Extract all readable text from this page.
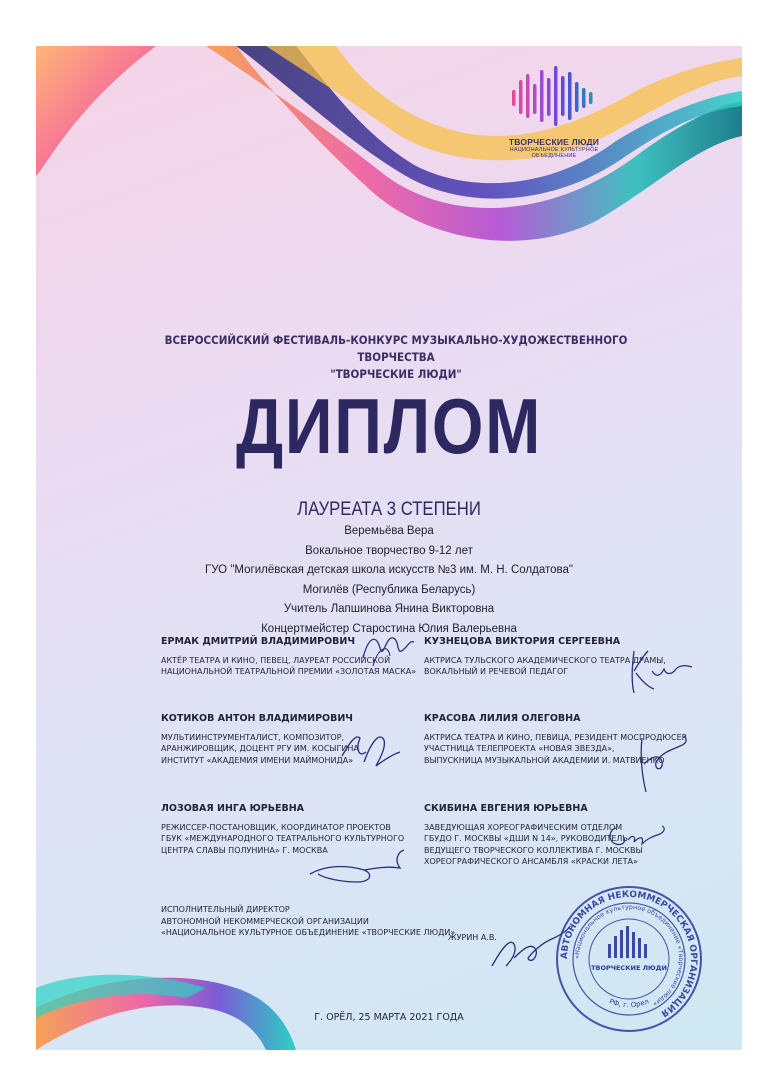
ТВОРЧЕСКИЕ ЛЮДИ
НАЦИОНАЛЬНОЕ КУЛЬТУРНОЕ ОБЪЕДИНЕНИЕ
ВСЕРОССИЙСКИЙ ФЕСТИВАЛЬ-КОНКУРС МУЗЫКАЛЬНО-ХУДОЖЕСТВЕННОГО ТВОРЧЕСТВА
"ТВОРЧЕСКИЕ ЛЮДИ"
ДИПЛОМ
ЛАУРЕАТА 3 СТЕПЕНИ
Веремьёва Вера
Вокальное творчество 9-12 лет
ГУО "Могилёвская детская школа искусств №3 им. М. Н. Солдатова"
Могилёв (Республика Беларусь)
Учитель Лапшинова Янина Викторовна
Концертмейстер Старостина Юлия Валерьевна
ЕРМАК ДМИТРИЙ ВЛАДИМИРОВИЧ
АКТЁР ТЕАТРА И КИНО, ПЕВЕЦ, ЛАУРЕАТ РОССИЙСКОЙ
НАЦИОНАЛЬНОЙ ТЕАТРАЛЬНОЙ ПРЕМИИ «ЗОЛОТАЯ МАСКА»
КУЗНЕЦОВА ВИКТОРИЯ СЕРГЕЕВНА
АКТРИСА ТУЛЬСКОГО АКАДЕМИЧЕСКОГО ТЕАТРА ДРАМЫ,
ВОКАЛЬНЫЙ И РЕЧЕВОЙ ПЕДАГОГ
КОТИКОВ АНТОН ВЛАДИМИРОВИЧ
МУЛЬТИИНСТРУМЕНТАЛИСТ, КОМПОЗИТОР,
АРАНЖИРОВЩИК, ДОЦЕНТ РГУ ИМ. КОСЫГИНА
ИНСТИТУТ «АКАДЕМИЯ ИМЕНИ МАЙМОНИДА»
КРАСОВА ЛИЛИЯ ОЛЕГОВНА
АКТРИСА ТЕАТРА И КИНО, ПЕВИЦА, РЕЗИДЕНТ МОСПРОДЮСЕР
УЧАСТНИЦА ТЕЛЕПРОЕКТА «НОВАЯ ЗВЕЗДА»,
ВЫПУСКНИЦА МУЗЫКАЛЬНОЙ АКАДЕМИИ И. МАТВИЕНКО
ЛОЗОВАЯ ИНГА ЮРЬЕВНА
РЕЖИССЕР-ПОСТАНОВЩИК, КООРДИНАТОР ПРОЕКТОВ
ГБУК «МЕЖДУНАРОДНОГО ТЕАТРАЛЬНОГО КУЛЬТУРНОГО
ЦЕНТРА СЛАВЫ ПОЛУНИНА» Г. МОСКВА
СКИБИНА ЕВГЕНИЯ ЮРЬЕВНА
ЗАВЕДУЮЩАЯ ХОРЕОГРАФИЧЕСКИМ ОТДЕЛОМ
ГБУДО Г. МОСКВЫ «ДШИ N 14», РУКОВОДИТЕЛЬ
ВЕДУЩЕГО ТВОРЧЕСКОГО КОЛЛЕКТИВА Г. МОСКВЫ
ХОРЕОГРАФИЧЕСКОГО АНСАМБЛЯ «КРАСКИ ЛЕТА»
ИСПОЛНИТЕЛЬНЫЙ ДИРЕКТОР
АВТОНОМНОЙ НЕКОММЕРЧЕСКОЙ ОРГАНИЗАЦИИ
«НАЦИОНАЛЬНОЕ КУЛЬТУРНОЕ ОБЪЕДИНЕНИЕ «ТВОРЧЕСКИЕ ЛЮДИ»
ЖУРИН А.В.
АВТОНОМНАЯ НЕКОММЕРЧЕСКАЯ ОРГАНИЗАЦИЯ
«Национальное культурное объединение «Творческие люди»
ТВОРЧЕСКИЕ ЛЮДИ
РФ, г. Орел
Г. ОРЁЛ, 25 МАРТА 2021 ГОДА
